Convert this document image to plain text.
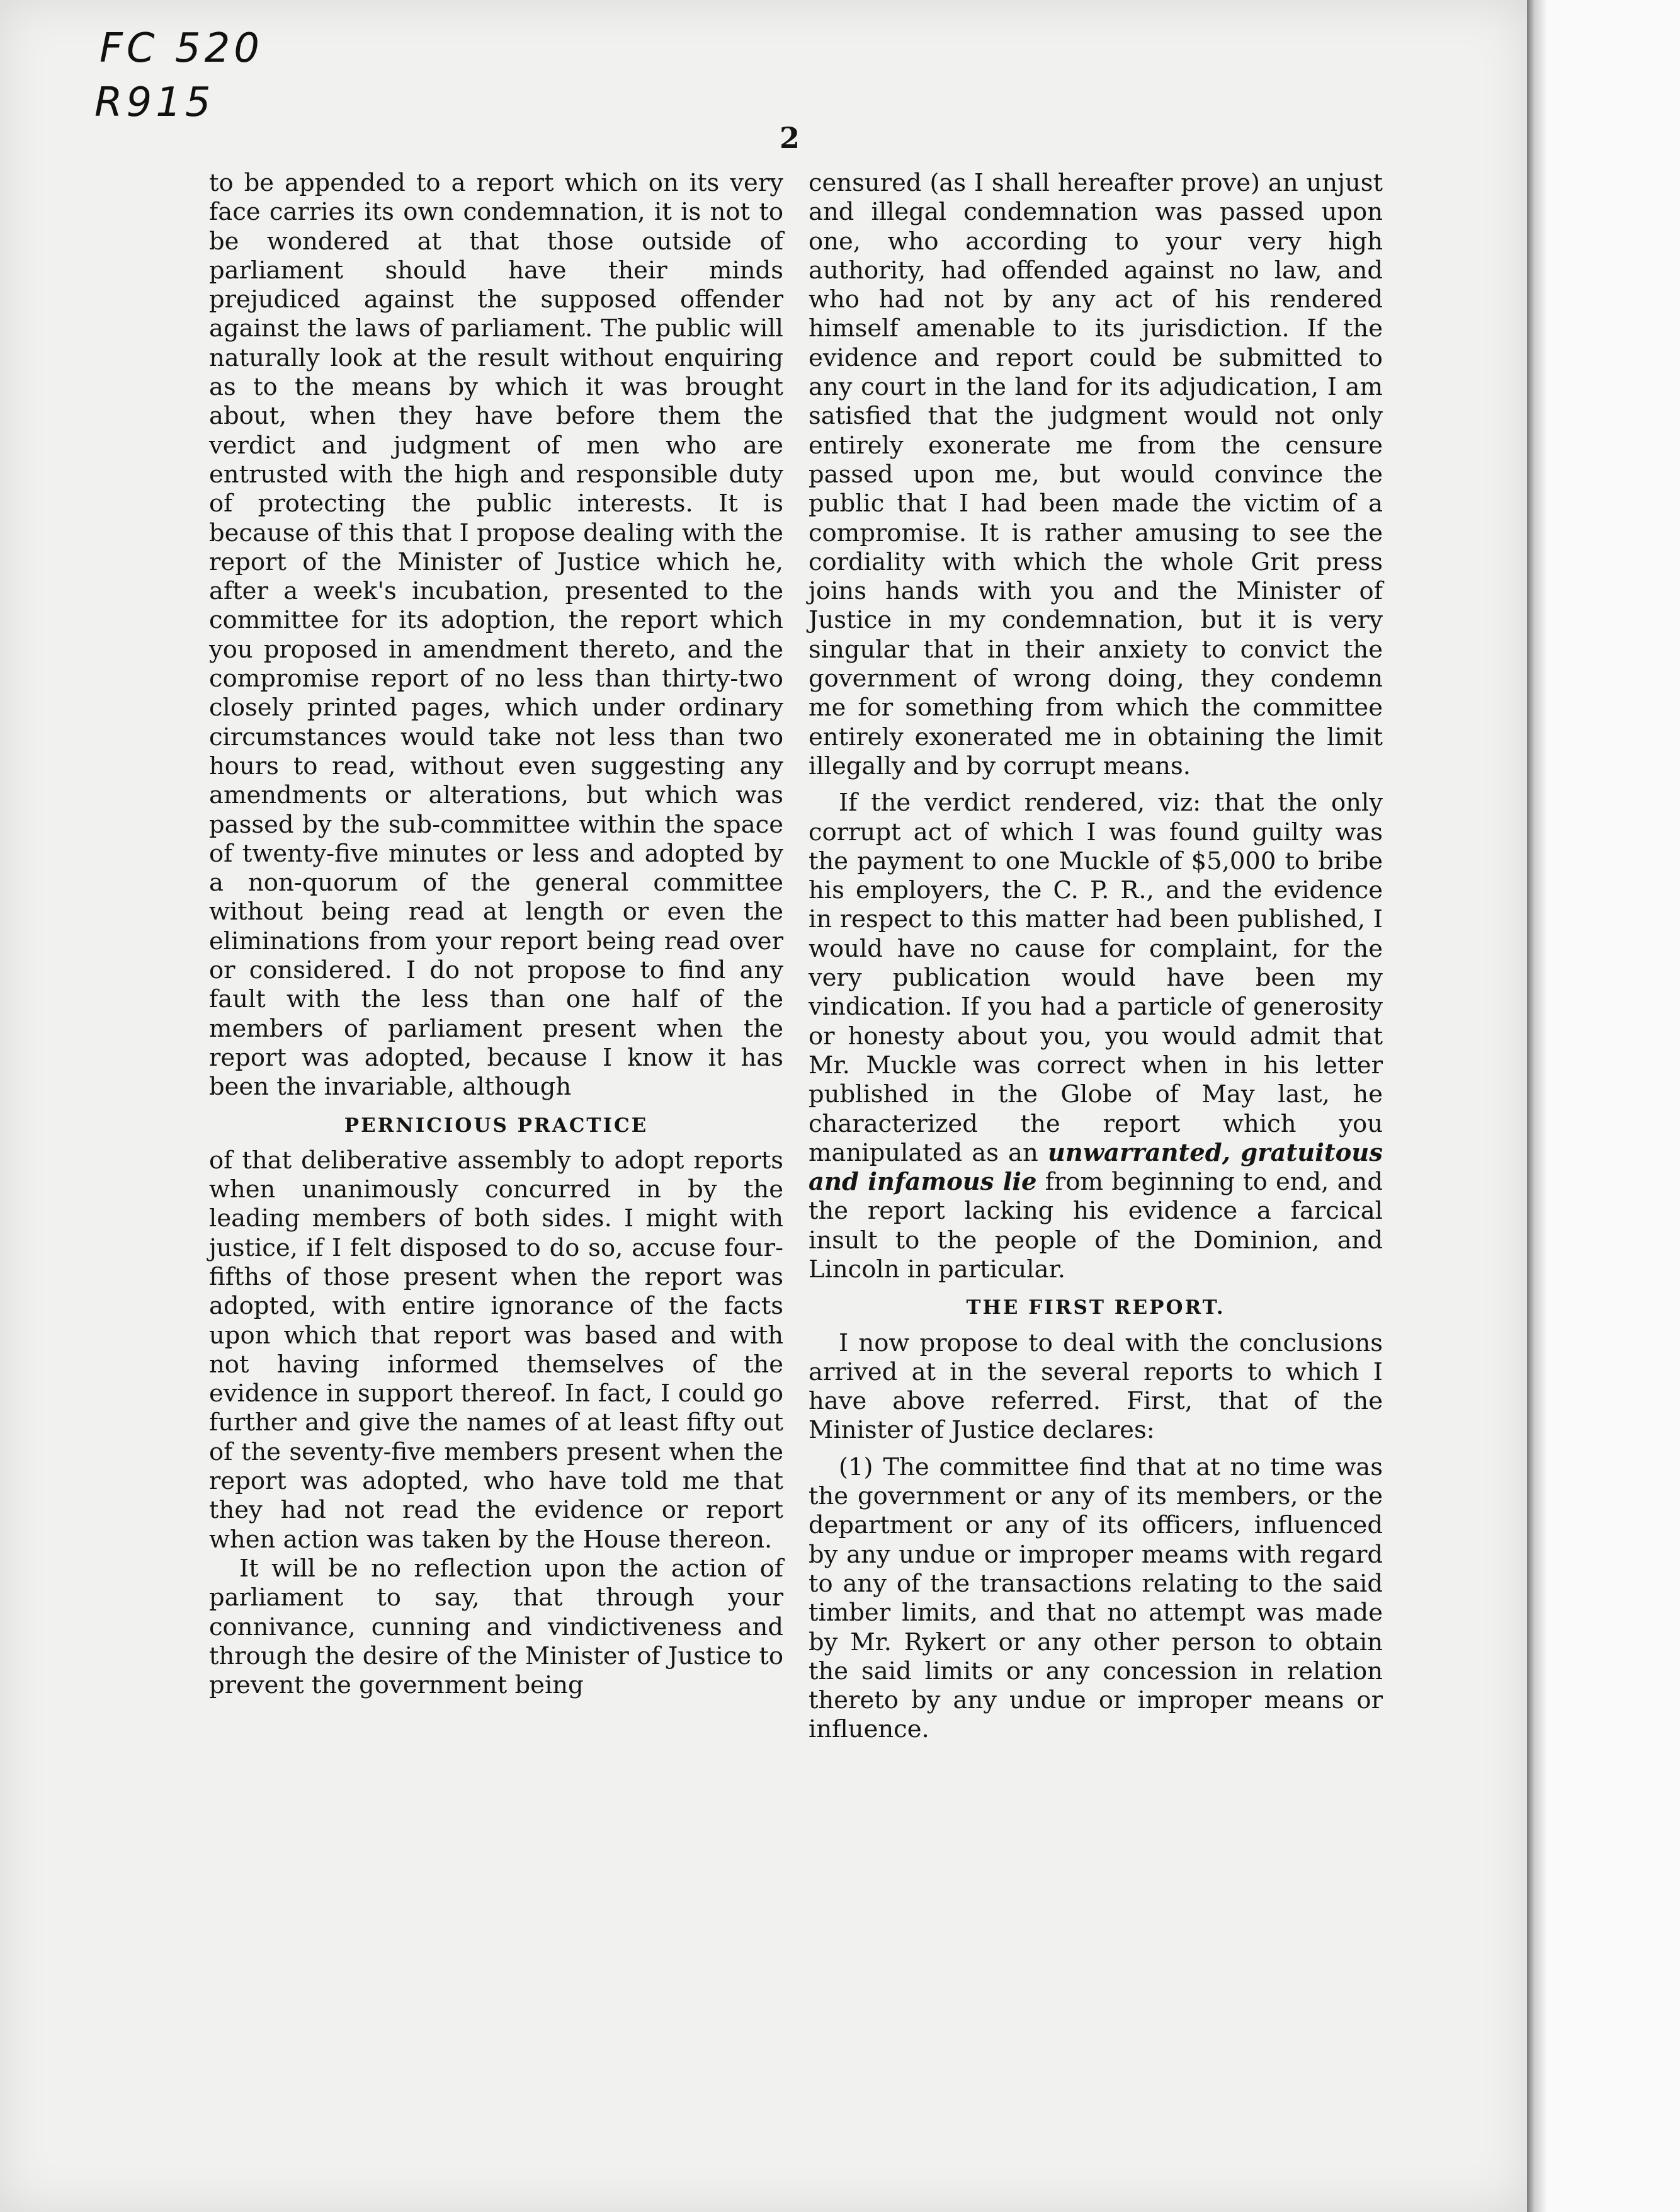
FC 520
R915
2

to be appended to a report which on its very face carries its own condemnation, it is not to be wondered at that those outside of parliament should have their minds prejudiced against the supposed offender against the laws of parliament. The public will naturally look at the result without enquiring as to the means by which it was brought about, when they have before them the verdict and judgment of men who are entrusted with the high and responsible duty of protecting the public interests. It is because of this that I propose dealing with the report of the Minister of Justice which he, after a week's incubation, presented to the committee for its adoption, the report which you proposed in amendment thereto, and the compromise report of no less than thirty-two closely printed pages, which under ordinary circumstances would take not less than two hours to read, without even suggesting any amendments or alterations, but which was passed by the sub-committee within the space of twenty-five minutes or less and adopted by a non-quorum of the general committee without being read at length or even the eliminations from your report being read over or considered. I do not propose to find any fault with the less than one half of the members of parliament present when the report was adopted, because I know it has been the invariable, although

PERNICIOUS PRACTICE

of that deliberative assembly to adopt reports when unanimously concurred in by the leading members of both sides. I might with justice, if I felt disposed to do so, accuse four-fifths of those present when the report was adopted, with entire ignorance of the facts upon which that report was based and with not having informed themselves of the evidence in support thereof. In fact, I could go further and give the names of at least fifty out of the seventy-five members present when the report was adopted, who have told me that they had not read the evidence or report when action was taken by the House thereon.

It will be no reflection upon the action of parliament to say, that through your connivance, cunning and vindictiveness and through the desire of the Minister of Justice to prevent the government being

censured (as I shall hereafter prove) an unjust and illegal condemnation was passed upon one, who according to your very high authority, had offended against no law, and who had not by any act of his rendered himself amenable to its jurisdiction. If the evidence and report could be submitted to any court in the land for its adjudication, I am satisfied that the judgment would not only entirely exonerate me from the censure passed upon me, but would convince the public that I had been made the victim of a compromise. It is rather amusing to see the cordiality with which the whole Grit press joins hands with you and the Minister of Justice in my condemnation, but it is very singular that in their anxiety to convict the government of wrong doing, they condemn me for something from which the committee entirely exonerated me in obtaining the limit illegally and by corrupt means.

If the verdict rendered, viz: that the only corrupt act of which I was found guilty was the payment to one Muckle of $5,000 to bribe his employers, the C. P. R., and the evidence in respect to this matter had been published, I would have no cause for complaint, for the very publication would have been my vindication. If you had a particle of generosity or honesty about you, you would admit that Mr. Muckle was correct when in his letter published in the Globe of May last, he characterized the report which you manipulated as an unwarranted, gratuitous and infamous lie from beginning to end, and the report lacking his evidence a farcical insult to the people of the Dominion, and Lincoln in particular.

THE FIRST REPORT.

I now propose to deal with the conclusions arrived at in the several reports to which I have above referred. First, that of the Minister of Justice declares:

(1) The committee find that at no time was the government or any of its members, or the department or any of its officers, influenced by any undue or improper meams with regard to any of the transactions relating to the said timber limits, and that no attempt was made by Mr. Rykert or any other person to obtain the said limits or any concession in relation thereto by any undue or improper means or influence.
